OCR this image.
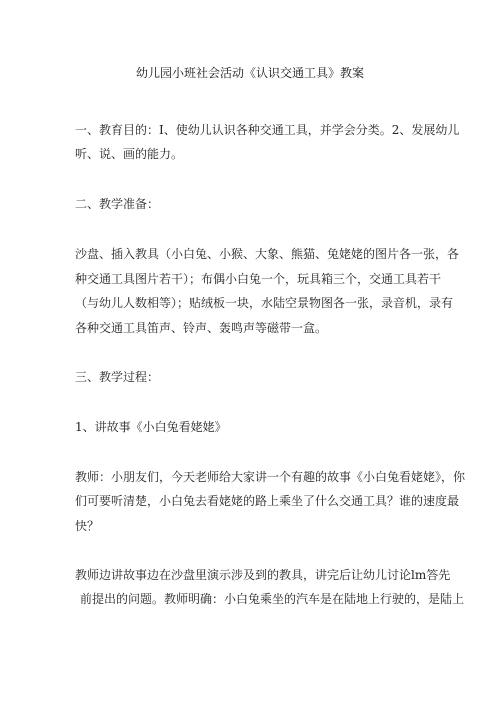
幼儿园小班社会活动《认识交通工具》教案
一、教育目的：I、使幼儿认识各种交通工具，并学会分类。2、发展幼儿
听、说、画的能力。
二、教学准备：
沙盘、插入教具（小白兔、小猴、大象、熊猫、兔姥姥的图片各一张，各
种交通工具图片若干）；布偶小白兔一个，玩具箱三个，交通工具若干
（与幼儿人数相等）；贴绒板一块，水陆空景物图各一张，录音机，录有
各种交通工具笛声、铃声、轰鸣声等磁带一盒。
三、教学过程：
1、讲故事《小白兔看姥姥》
教师：小朋友们，今天老师给大家讲一个有趣的故事《小白兔看姥姥》，你
们可要听清楚，小白兔去看姥姥的路上乘坐了什么交通工具？谁的速度最
快？
教师边讲故事边在沙盘里演示涉及到的教具，讲完后让幼儿讨论lm答先
前提出的问题。教师明确：小白兔乘坐的汽车是在陆地上行驶的，是陆上
